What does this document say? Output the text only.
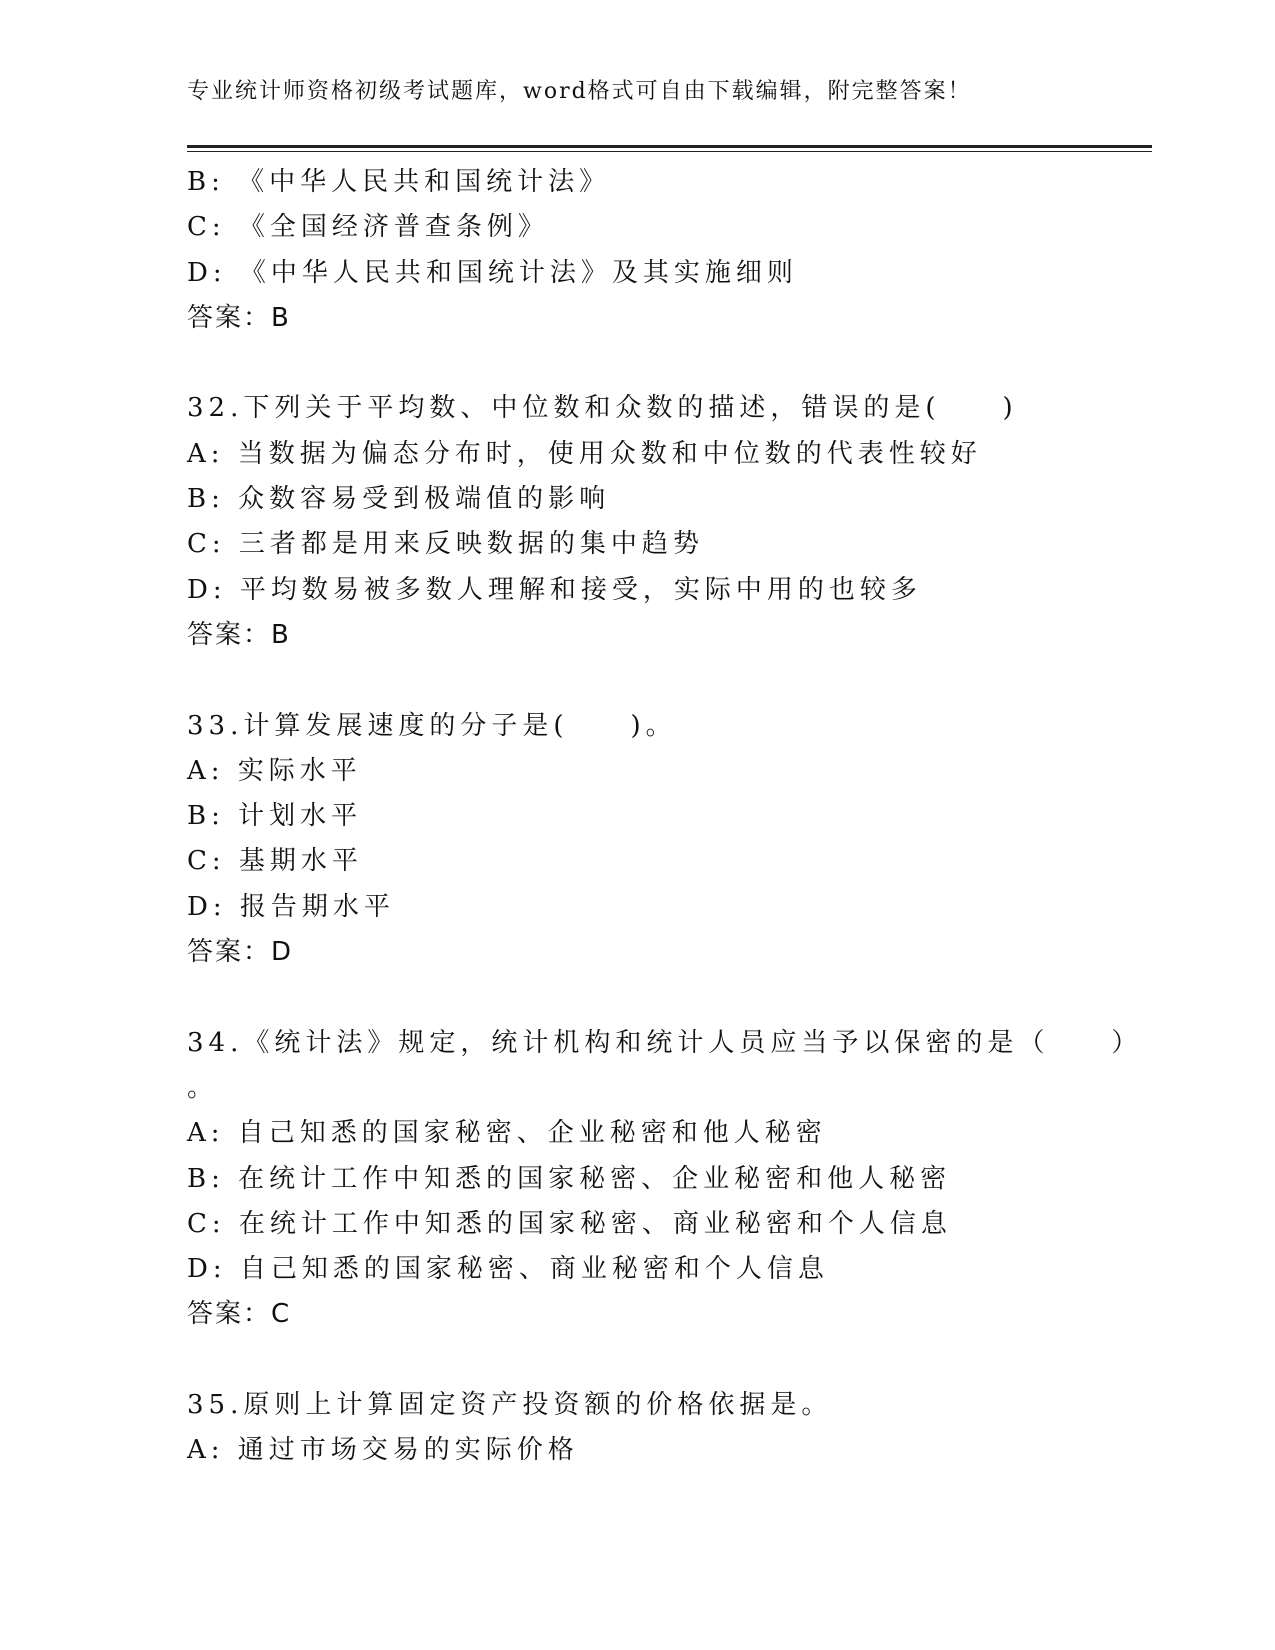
专业统计师资格初级考试题库，word格式可自由下载编辑，附完整答案！
B: 《中华人民共和国统计法》
C: 《全国经济普查条例》
D: 《中华人民共和国统计法》及其实施细则
答案：B
32.下列关于平均数、中位数和众数的描述，错误的是(　　)
A: 当数据为偏态分布时，使用众数和中位数的代表性较好
B: 众数容易受到极端值的影响
C: 三者都是用来反映数据的集中趋势
D: 平均数易被多数人理解和接受，实际中用的也较多
答案：B
33.计算发展速度的分子是(　　)。
A: 实际水平
B: 计划水平
C: 基期水平
D: 报告期水平
答案：D
34.《统计法》规定，统计机构和统计人员应当予以保密的是（　　）
。
A: 自己知悉的国家秘密、企业秘密和他人秘密
B: 在统计工作中知悉的国家秘密、企业秘密和他人秘密
C: 在统计工作中知悉的国家秘密、商业秘密和个人信息
D: 自己知悉的国家秘密、商业秘密和个人信息
答案：C
35.原则上计算固定资产投资额的价格依据是。
A: 通过市场交易的实际价格
